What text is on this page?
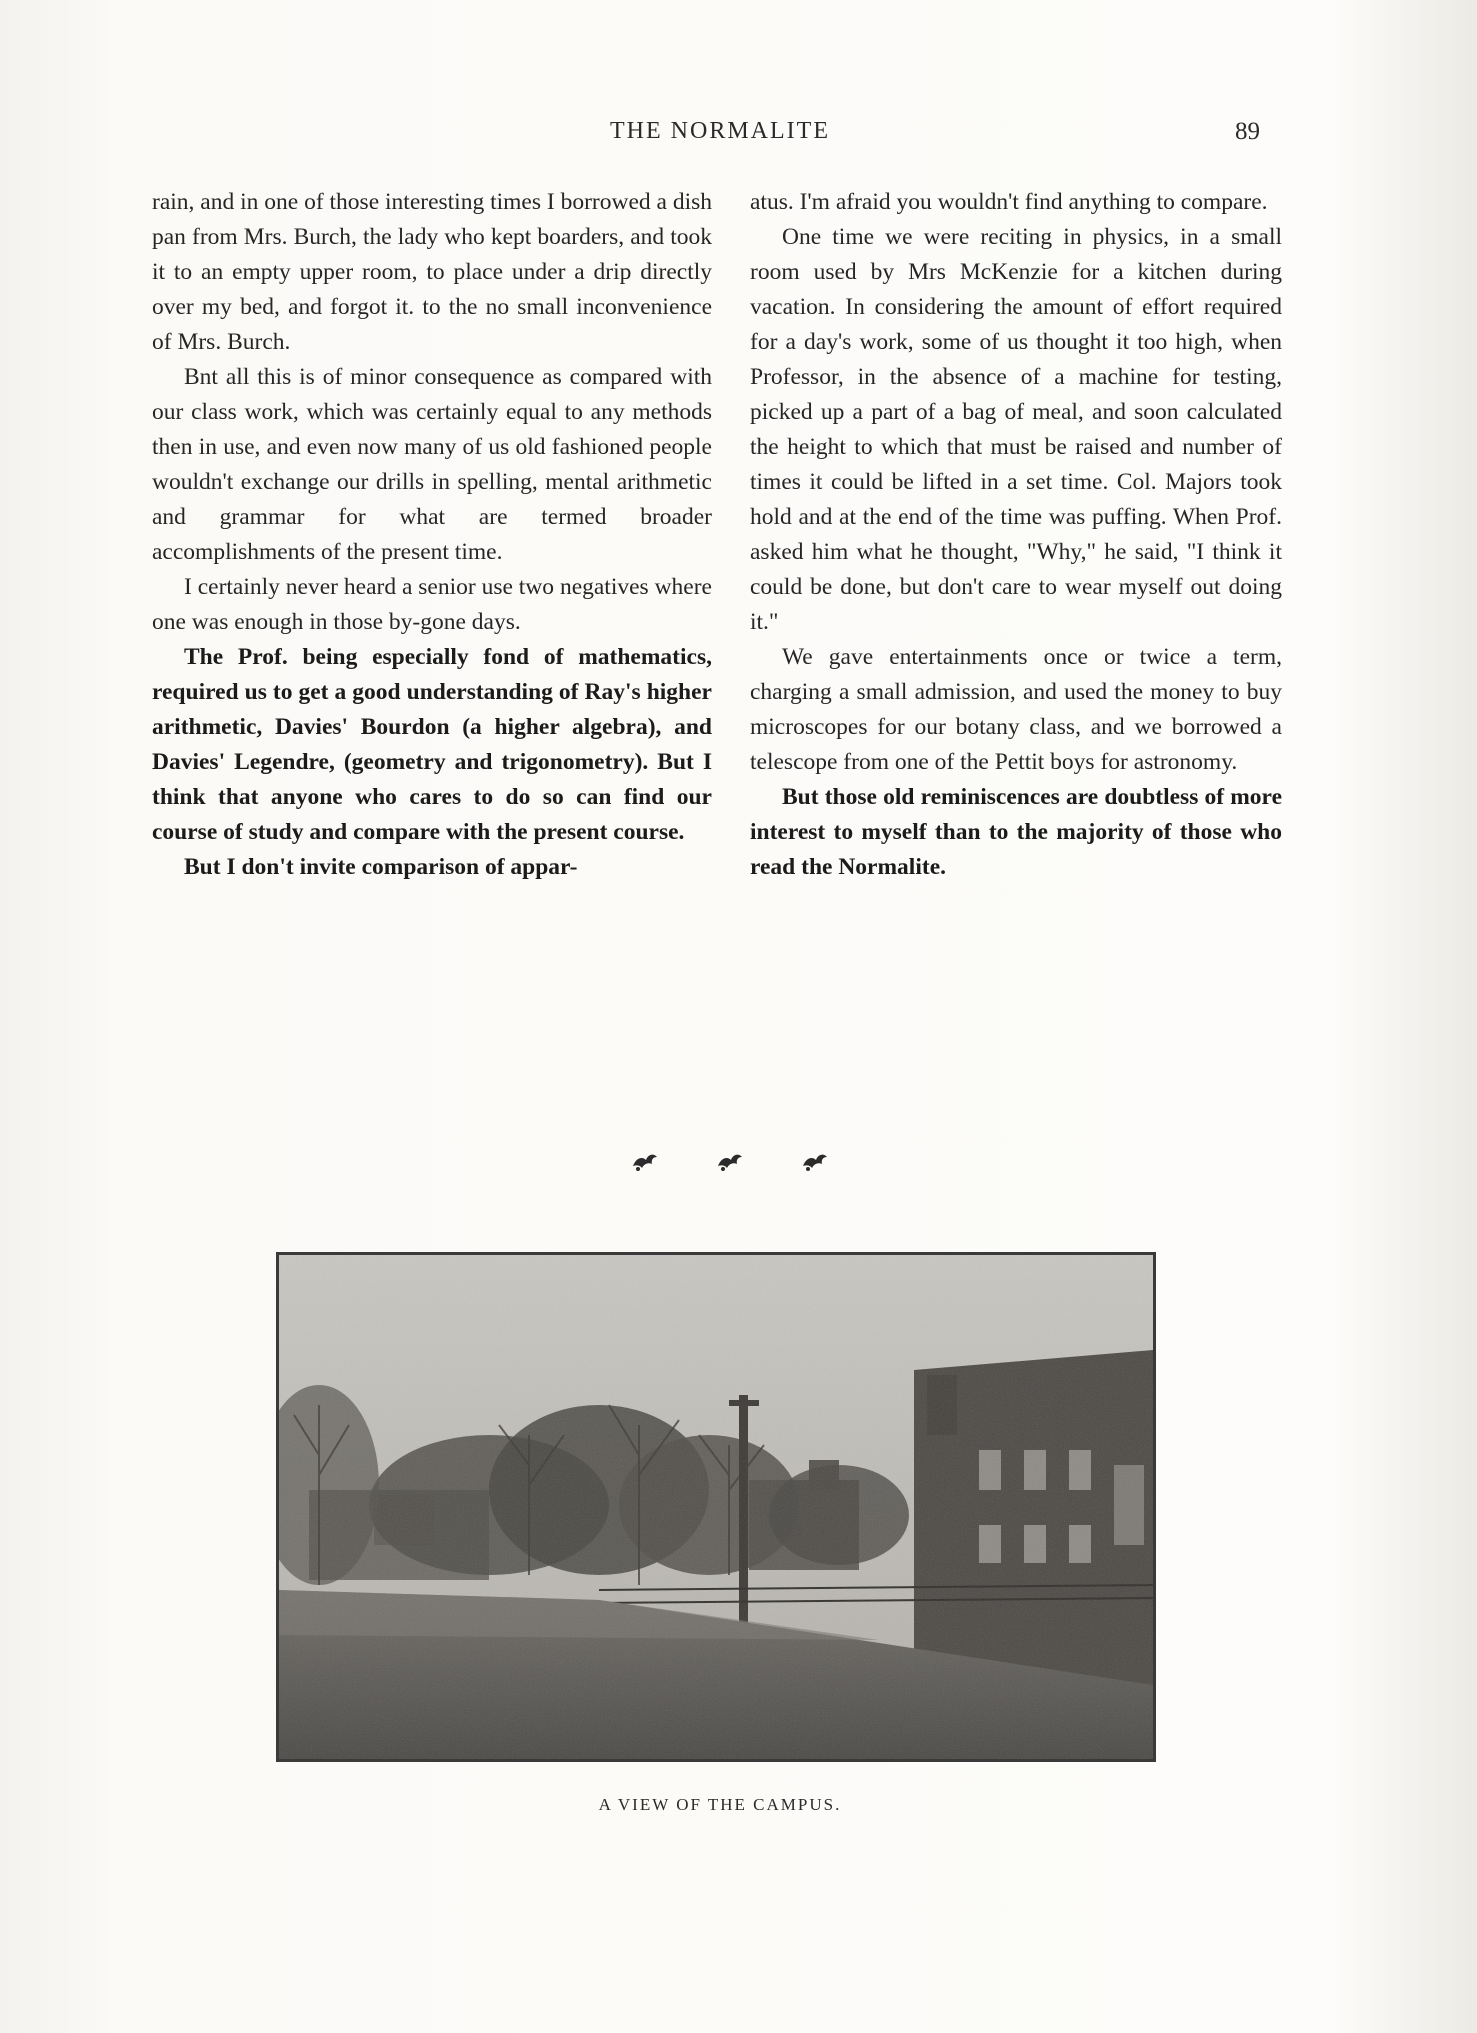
THE NORMALITE	89

rain, and in one of those interesting times I borrowed a dish pan from Mrs. Burch, the lady who kept boarders, and took it to an empty upper room, to place under a drip directly over my bed, and forgot it. to the no small inconvenience of Mrs. Burch.

Bnt all this is of minor consequence as compared with our class work, which was certainly equal to any methods then in use, and even now many of us old fashioned people wouldn't exchange our drills in spelling, mental arithmetic and grammar for what are termed broader accomplishments of the present time.

I certainly never heard a senior use two negatives where one was enough in those by-gone days.

The Prof. being especially fond of mathematics, required us to get a good understanding of Ray's higher arithmetic, Davies' Bourdon (a higher algebra), and Davies' Legendre, (geometry and trigonometry). But I think that anyone who cares to do so can find our course of study and compare with the present course.

But I don't invite comparison of appar-

atus. I'm afraid you wouldn't find anything to compare.

One time we were reciting in physics, in a small room used by Mrs McKenzie for a kitchen during vacation. In considering the amount of effort required for a day's work, some of us thought it too high, when Professor, in the absence of a machine for testing, picked up a part of a bag of meal, and soon calculated the height to which that must be raised and number of times it could be lifted in a set time. Col. Majors took hold and at the end of the time was puffing. When Prof. asked him what he thought, "Why," he said, "I think it could be done, but don't care to wear myself out doing it."

We gave entertainments once or twice a term, charging a small admission, and used the money to buy microscopes for our botany class, and we borrowed a telescope from one of the Pettit boys for astronomy.

But those old reminiscences are doubtless of more interest to myself than to the majority of those who read the Normalite.

A VIEW OF THE CAMPUS.
